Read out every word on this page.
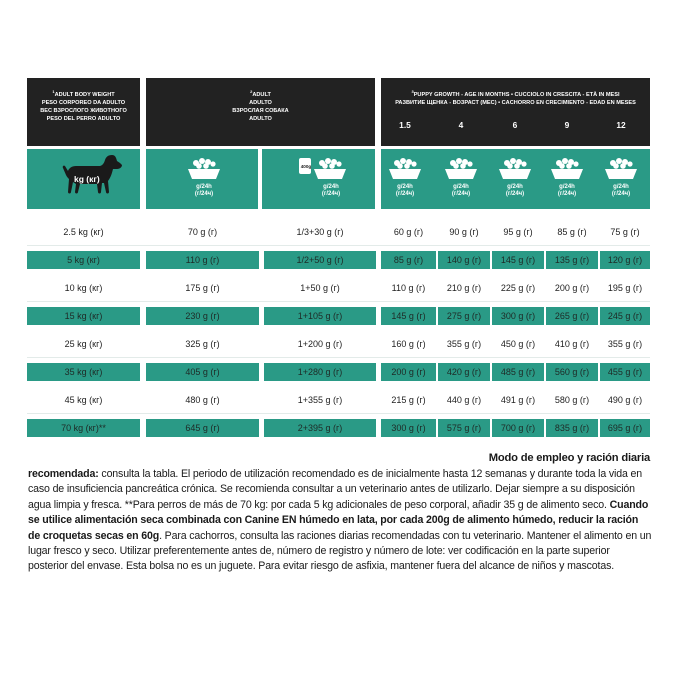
$^1$ADULT BODY WEIGHT
PESO CORPOREO DA ADULTO
ВЕС ВЗРОСЛОГО ЖИВОТНОГО
PESO DEL PERRO ADULTO
$^2$ADULT
ADULTO
ВЗРОСЛАЯ СОБАКА
ADULTO
$^3$PUPPY GROWTH - AGE IN MONTHS • CUCCIOLO IN CRESCITA - ETÀ IN MESI
РАЗВИТИЕ ЩЕНКА - ВОЗРАСТ (МЕС) • CACHORRO EN CRECIMIENTO - EDAD EN MESES
1.5	4	6	9	12
kg (кг)
g/24h
(г/24ч)
400g
g/24h
(г/24ч)
g/24h
(г/24ч)
g/24h
(г/24ч)
g/24h
(г/24ч)
g/24h
(г/24ч)
g/24h
(г/24ч)
2.5 kg (кг)	70 g (г)	1/3+30 g (г)	60 g (г)	90 g (г)	95 g (г)	85 g (г)	75 g (г)
5 kg (кг)	110 g (г)	1/2+50 g (г)	85 g (г)	140 g (г)	145 g (г)	135 g (г)	120 g (г)
10 kg (кг)	175 g (г)	1+50 g (г)	110 g (г)	210 g (г)	225 g (г)	200 g (г)	195 g (г)
15 kg (кг)	230 g (г)	1+105 g (г)	145 g (г)	275 g (г)	300 g (г)	265 g (г)	245 g (г)
25 kg (кг)	325 g (г)	1+200 g (г)	160 g (г)	355 g (г)	450 g (г)	410 g (г)	355 g (г)
35 kg (кг)	405 g (г)	1+280 g (г)	200 g (г)	420 g (г)	485 g (г)	560 g (г)	455 g (г)
45 kg (кг)	480 g (г)	1+355 g (г)	215 g (г)	440 g (г)	491 g (г)	580 g (г)	490 g (г)
70 kg (кг)**	645 g (г)	2+395 g (г)	300 g (г)	575 g (г)	700 g (г)	835 g (г)	695 g (г)
Modo de empleo y ración diaria
recomendada: consulta la tabla. El periodo de utilización recomendado es de inicialmente hasta 12 semanas y durante toda la vida en caso de insuficiencia pancreática crónica. Se recomienda consultar a un veterinario antes de utilizarlo. Dejar siempre a su disposición agua limpia y fresca. **Para perros de más de 70 kg: por cada 5 kg adicionales de peso corporal, añadir 35 g de alimento seco. Cuando se utilice alimentación seca combinada con Canine EN húmedo en lata, por cada 200g de alimento húmedo, reducir la ración de croquetas secas en 60g. Para cachorros, consulta las raciones diarias recomendadas con tu veterinario. Mantener el alimento en un lugar fresco y seco. Utilizar preferentemente antes de, número de registro y número de lote: ver codificación en la parte superior posterior del envase. Esta bolsa no es un juguete. Para evitar riesgo de asfixia, mantener fuera del alcance de niños y mascotas.
